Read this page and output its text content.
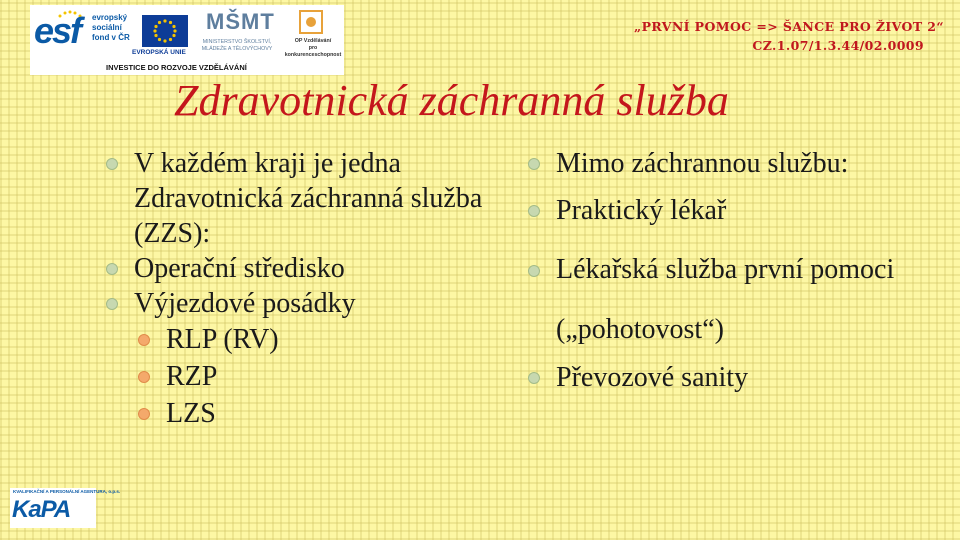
esf evropský
sociální
fond v ČR
EVROPSKÁ UNIE
MŠMT
MINISTERSTVO ŠKOLSTVÍ,
MLÁDEŽE A TĚLOVÝCHOVY
OP Vzdělávání
pro konkurenceschopnost
INVESTICE DO ROZVOJE VZDĚLÁVÁNÍ
„PRVNÍ POMOC => ŠANCE PRO ŽIVOT 2“
CZ.1.07/1.3.44/02.0009
Zdravotnická záchranná služba
V každém kraji je jedna Zdravotnická záchranná služba (ZZS):
Operační středisko
Výjezdové posádky
RLP (RV)
RZP
LZS
Mimo záchrannou službu:
Praktický lékař
Lékařská služba první pomoci („pohotovost“)
Převozové sanity
KVALIFIKAČNÍ A PERSONÁLNÍ AGENTURA, o.p.s.
KaPA
